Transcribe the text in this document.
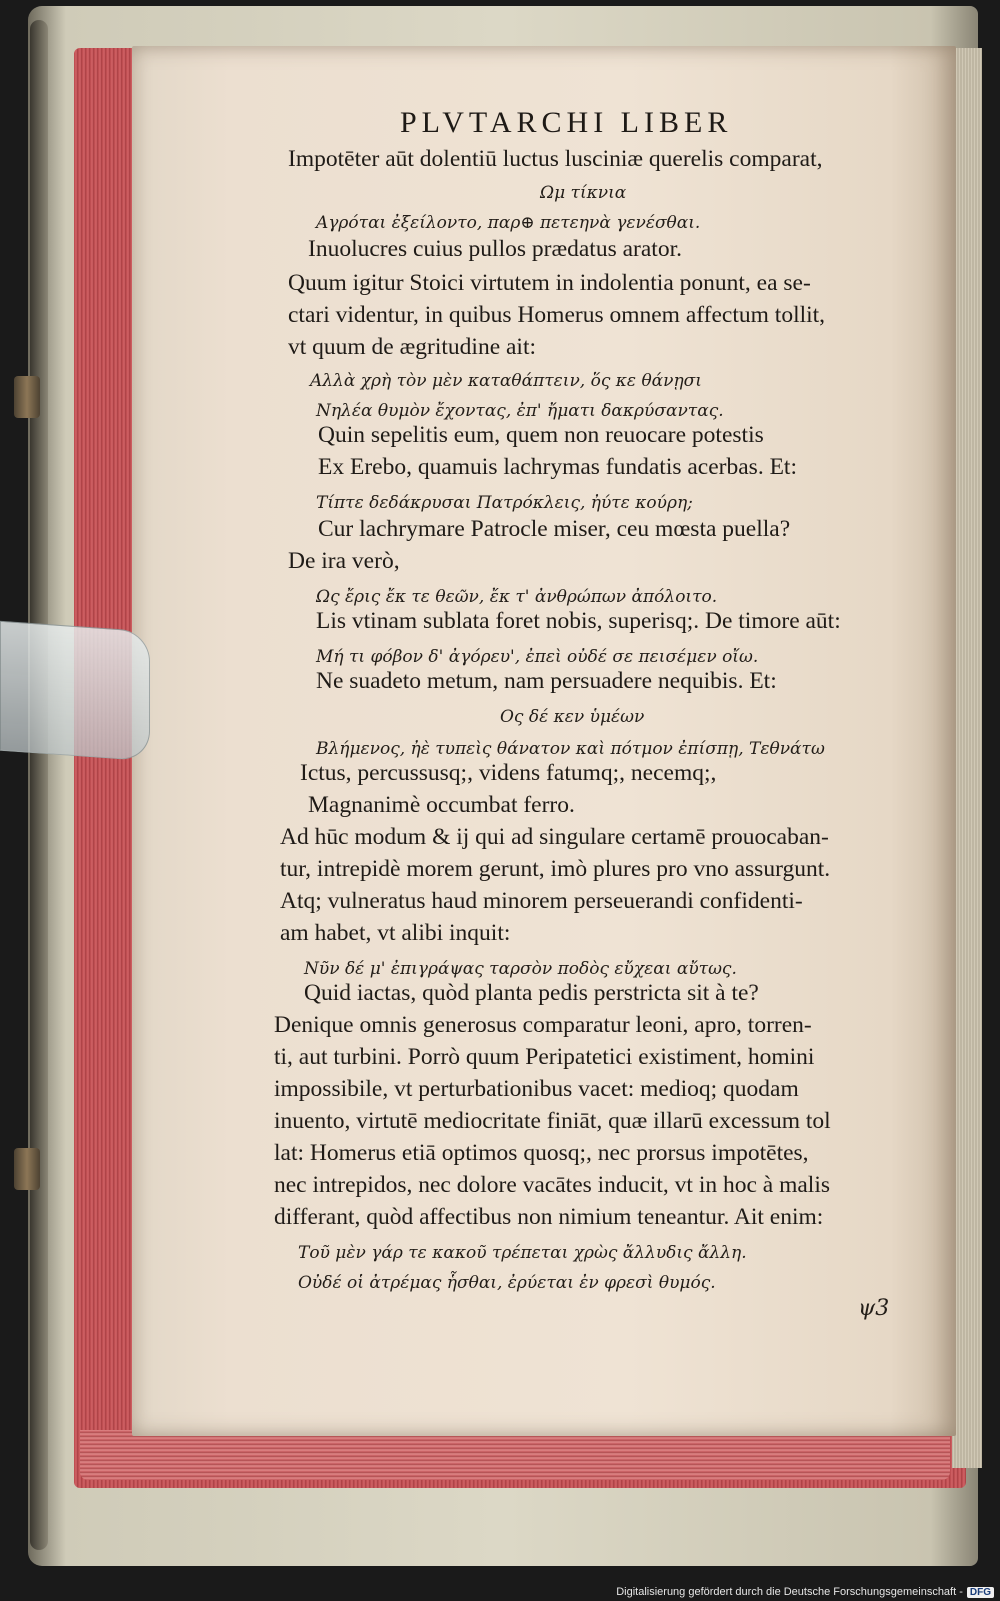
PLVTARCHI LIBER
Impotēter aūt dolentiū luctus lusciniæ querelis comparat,
Ωμ τίκνια
Αγρόται ἐξείλοντο, παρ⊕ πετεηνὰ γενέσθαι.
Inuolucres cuius pullos prædatus arator.
Quum igitur Stoici virtutem in indolentia ponunt, ea se-
ctari videntur, in quibus Homerus omnem affectum tollit,
vt quum de ægritudine ait:
Αλλὰ χρὴ τὸν μὲν καταθάπτειν, ὅς κε θάνῃσι
Νηλέα θυμὸν ἔχοντας, ἐπ' ἤματι δακρύσαντας.
Quin sepelitis eum, quem non reuocare potestis
Ex Erebo, quamuis lachrymas fundatis acerbas. Et:
Τίπτε δεδάκρυσαι Πατρόκλεις, ἠύτε κούρη;
Cur lachrymare Patrocle miser, ceu mœsta puella?
De ira verò,
Ως ἔρις ἔκ τε θεῶν, ἔκ τ' ἀνθρώπων ἀπόλοιτο.
Lis vtinam sublata foret nobis, superisq;. De timore aūt:
Μή τι φόβον δ' ἀγόρευ', ἐπεὶ οὐδέ σε πεισέμεν οἴω.
Ne suadeto metum, nam persuadere nequibis. Et:
Ος δέ κεν ὑμέων
Βλήμενος, ἠὲ τυπεὶς θάνατον καὶ πότμον ἐπίσπῃ, Τεθνάτω
Ictus, percussusq;, videns fatumq;, necemq;,
Magnanimè occumbat ferro.
Ad hūc modum & ij qui ad singulare certamē prouocaban-
tur, intrepidè morem gerunt, imò plures pro vno assurgunt.
Atq; vulneratus haud minorem perseuerandi confidenti-
am habet, vt alibi inquit:
Νῦν δέ μ' ἐπιγράψας ταρσὸν ποδὸς εὔχεαι αὔτως.
Quid iactas, quòd planta pedis perstricta sit à te?
Denique omnis generosus comparatur leoni, apro, torren-
ti, aut turbini. Porrò quum Peripatetici existiment, homini
impossibile, vt perturbationibus vacet: medioq; quodam
inuento, virtutē mediocritate finiāt, quæ illarū excessum tol
lat: Homerus etiā optimos quosq;, nec prorsus impotētes,
nec intrepidos, nec dolore vacātes inducit, vt in hoc à malis
differant, quòd affectibus non nimium teneantur. Ait enim:
Τοῦ μὲν γάρ τε κακοῦ τρέπεται χρὼς ἄλλυδις ἄλλη.
Οὐδέ οἱ ἀτρέμας ἧσθαι, ἐρύεται ἐν φρεσὶ θυμός.
ψ3
Digitalisierung gefördert durch die Deutsche Forschungsgemeinschaft - DFG
